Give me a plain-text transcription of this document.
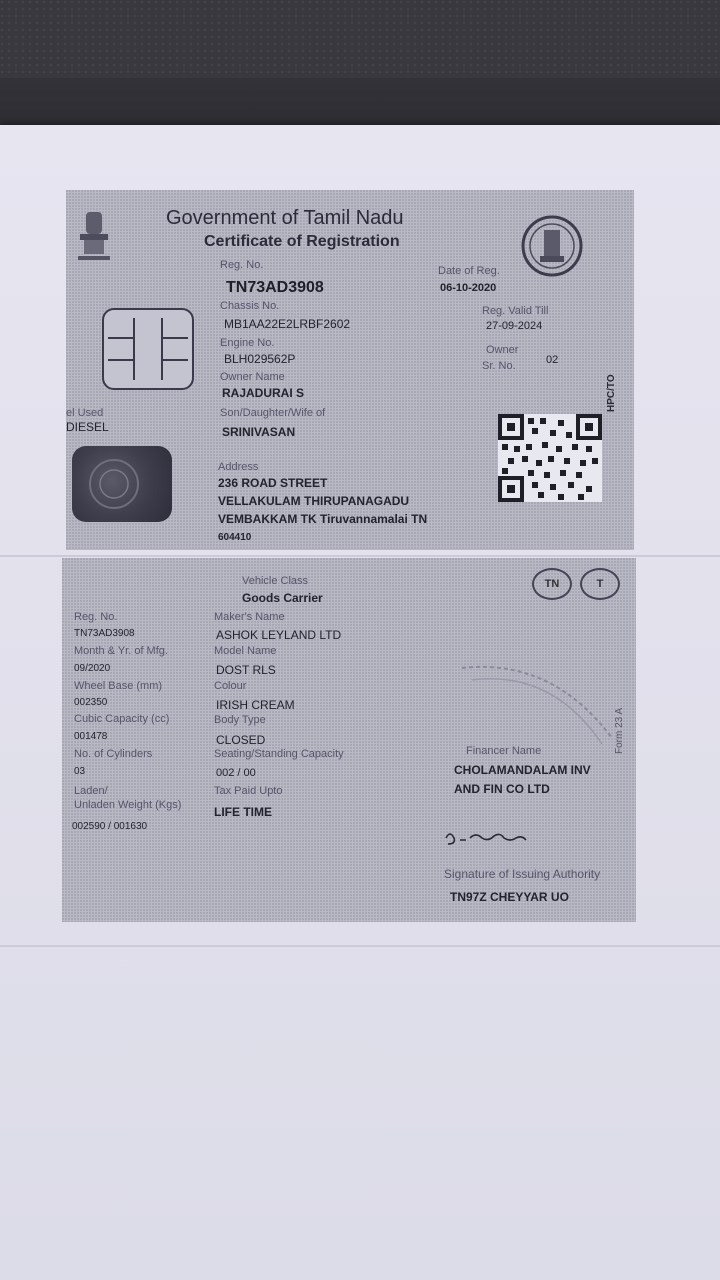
Government of Tamil Nadu
Certificate of Registration
Reg. No.
TN73AD3908
Date of Reg.
06-10-2020
Chassis No.
MB1AA22E2LRBF2602
Reg. Valid Till
27-09-2024
Engine No.
BLH029562P
Owner
Sr. No.	02
Owner Name
RAJADURAI S
el Used
DIESEL
Son/Daughter/Wife of
SRINIVASAN
HPC/TO
Address
236 ROAD STREET
VELLAKULAM THIRUPANAGADU
VEMBAKKAM TK Tiruvannamalai TN
604410
TN	T
Vehicle Class
Goods Carrier
Reg. No.
TN73AD3908
Maker's Name
ASHOK LEYLAND LTD
Month & Yr. of Mfg.
09/2020
Model Name
DOST RLS
Wheel Base (mm)
002350
Colour
IRISH CREAM
Form 23 A
Cubic Capacity (cc)
001478
Body Type
CLOSED
No. of Cylinders
03
Seating/Standing Capacity
002 / 00
Financer Name
CHOLAMANDALAM INV
AND FIN CO LTD
Laden/
Unladen Weight (Kgs)
002590 / 001630
Tax Paid Upto
LIFE TIME
Signature of Issuing Authority
TN97Z CHEYYAR UO
